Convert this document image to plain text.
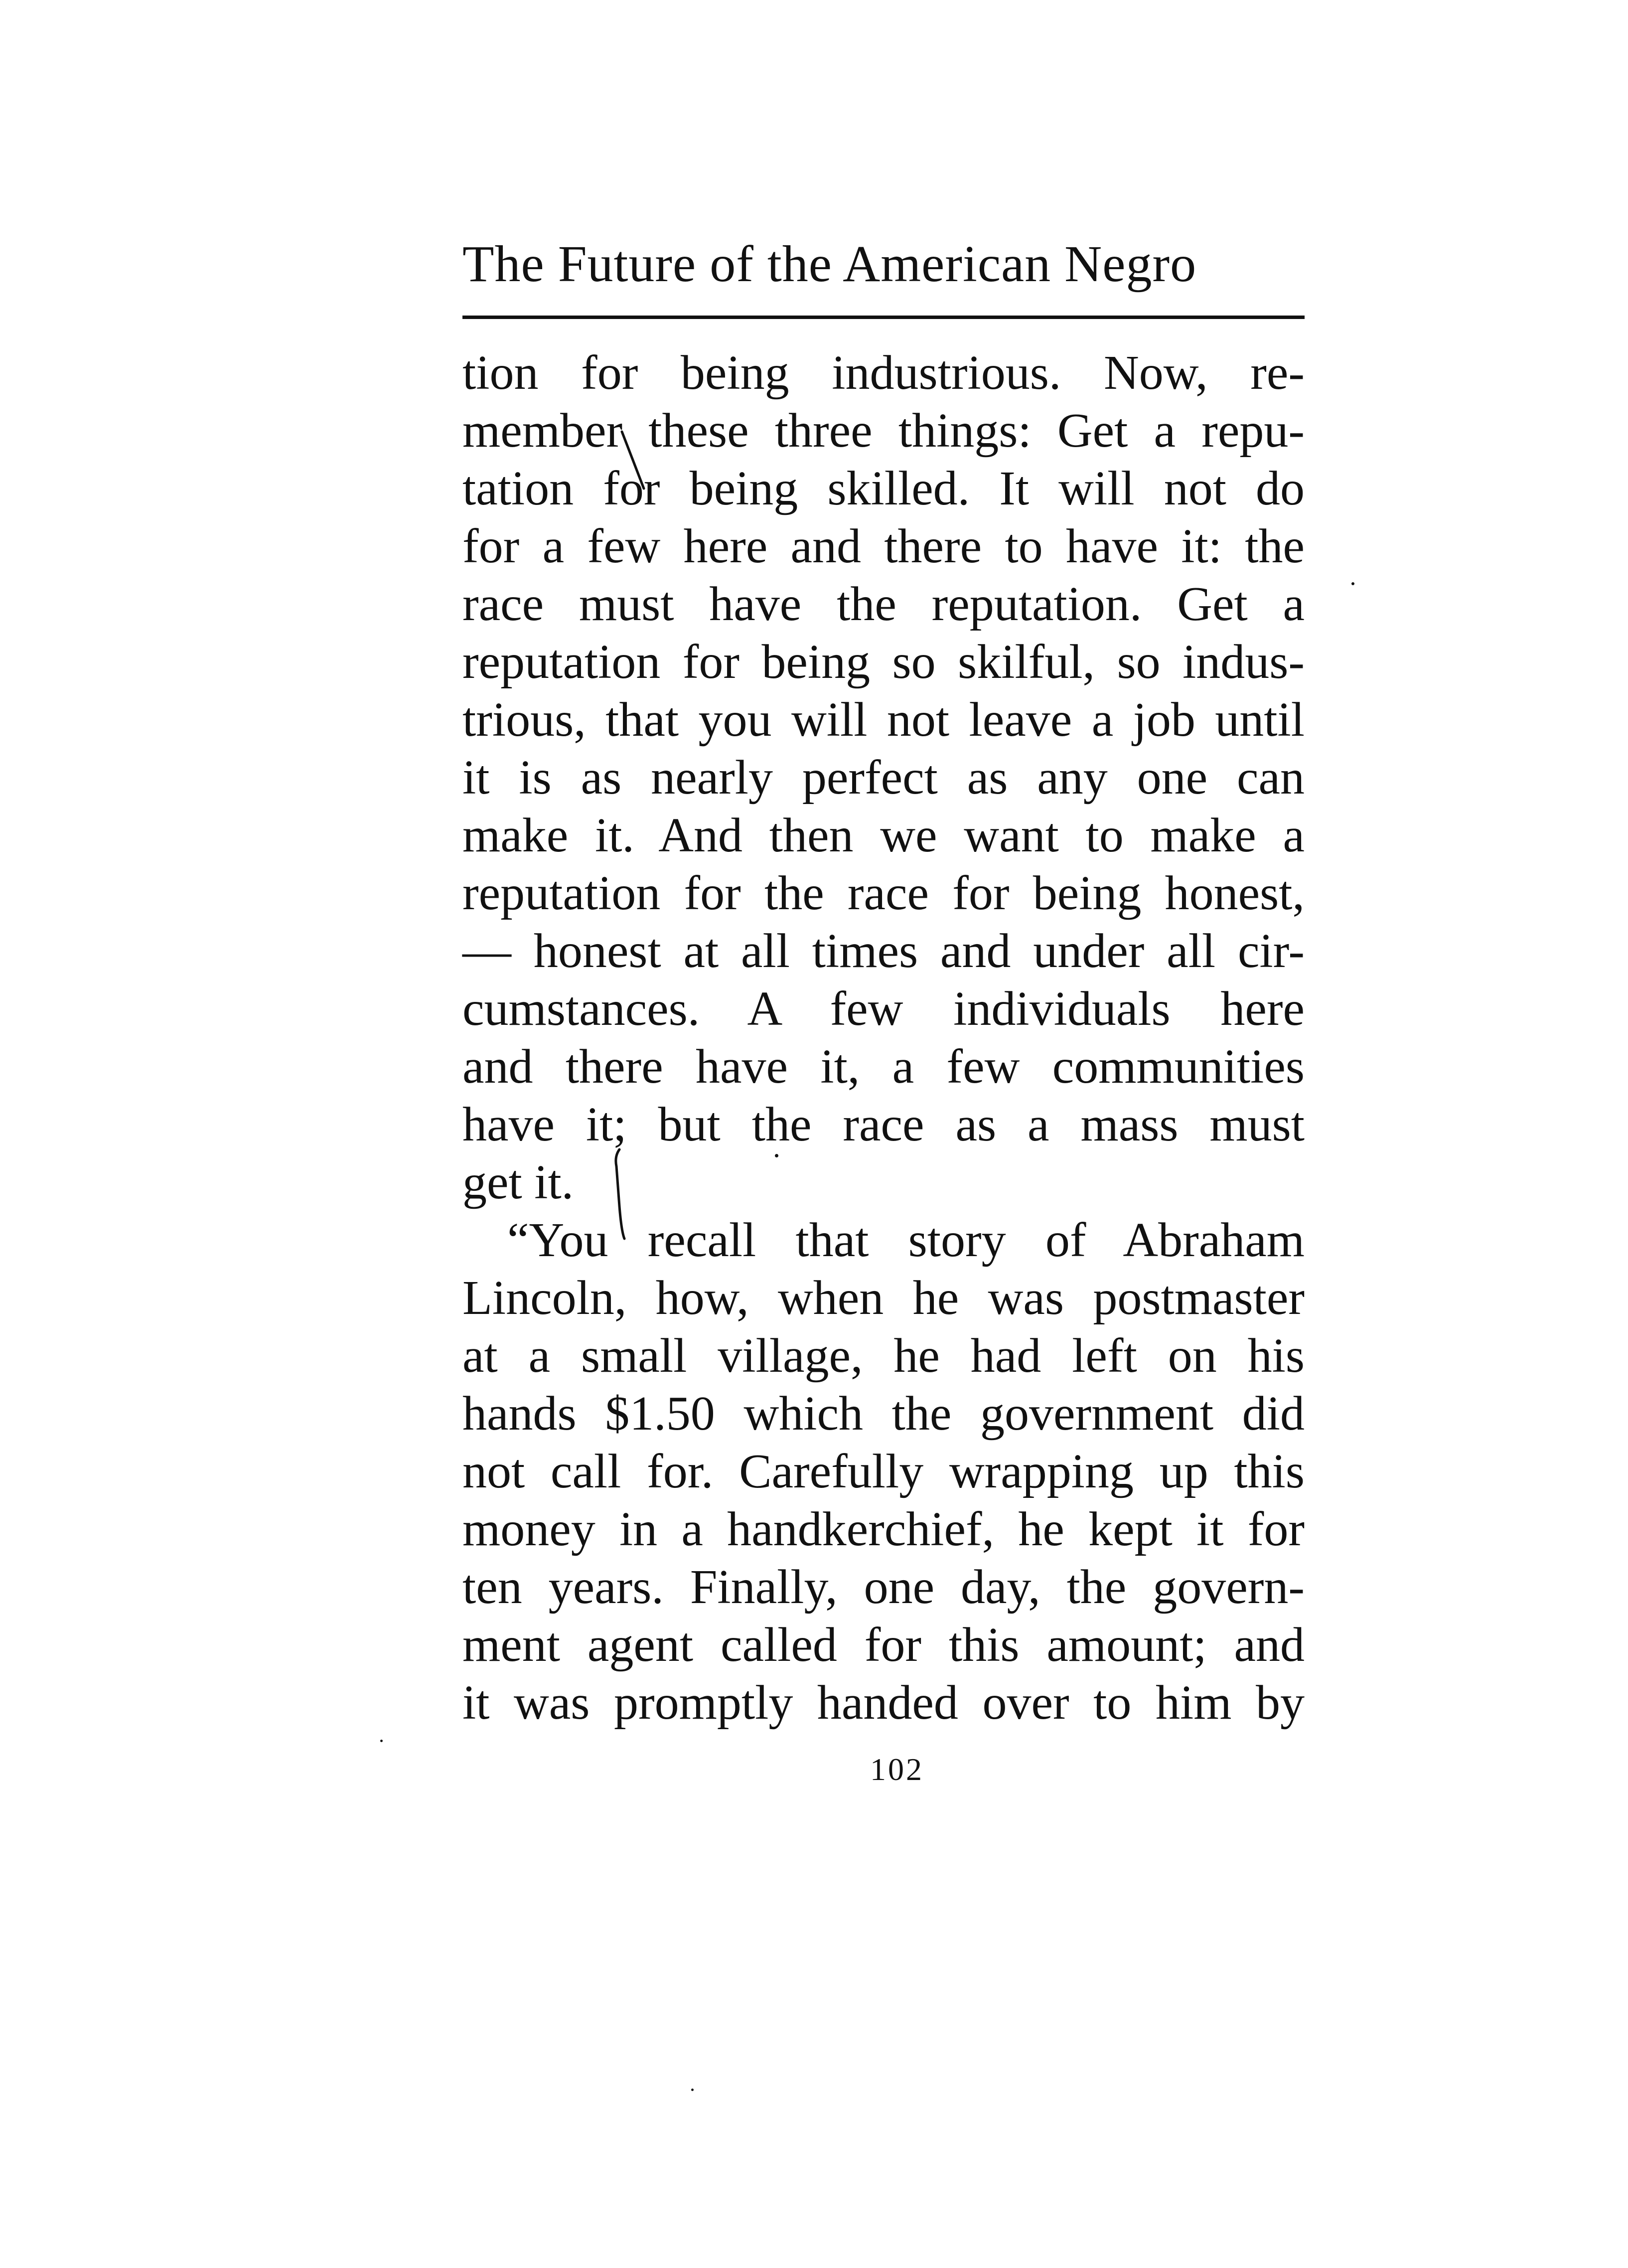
The Future of the American Negro
tion for being industrious. Now, re-
member these three things: Get a repu-
tation for being skilled. It will not do
for a few here and there to have it: the
race must have the reputation. Get a
reputation for being so skilful, so indus-
trious, that you will not leave a job until
it is as nearly perfect as any one can
make it. And then we want to make a
reputation for the race for being honest,
— honest at all times and under all cir-
cumstances. A few individuals here
and there have it, a few communities
have it; but the race as a mass must
get it.
“You recall that story of Abraham
Lincoln, how, when he was postmaster
at a small village, he had left on his
hands $1.50 which the government did
not call for. Carefully wrapping up this
money in a handkerchief, he kept it for
ten years. Finally, one day, the govern-
ment agent called for this amount; and
it was promptly handed over to him by
102
